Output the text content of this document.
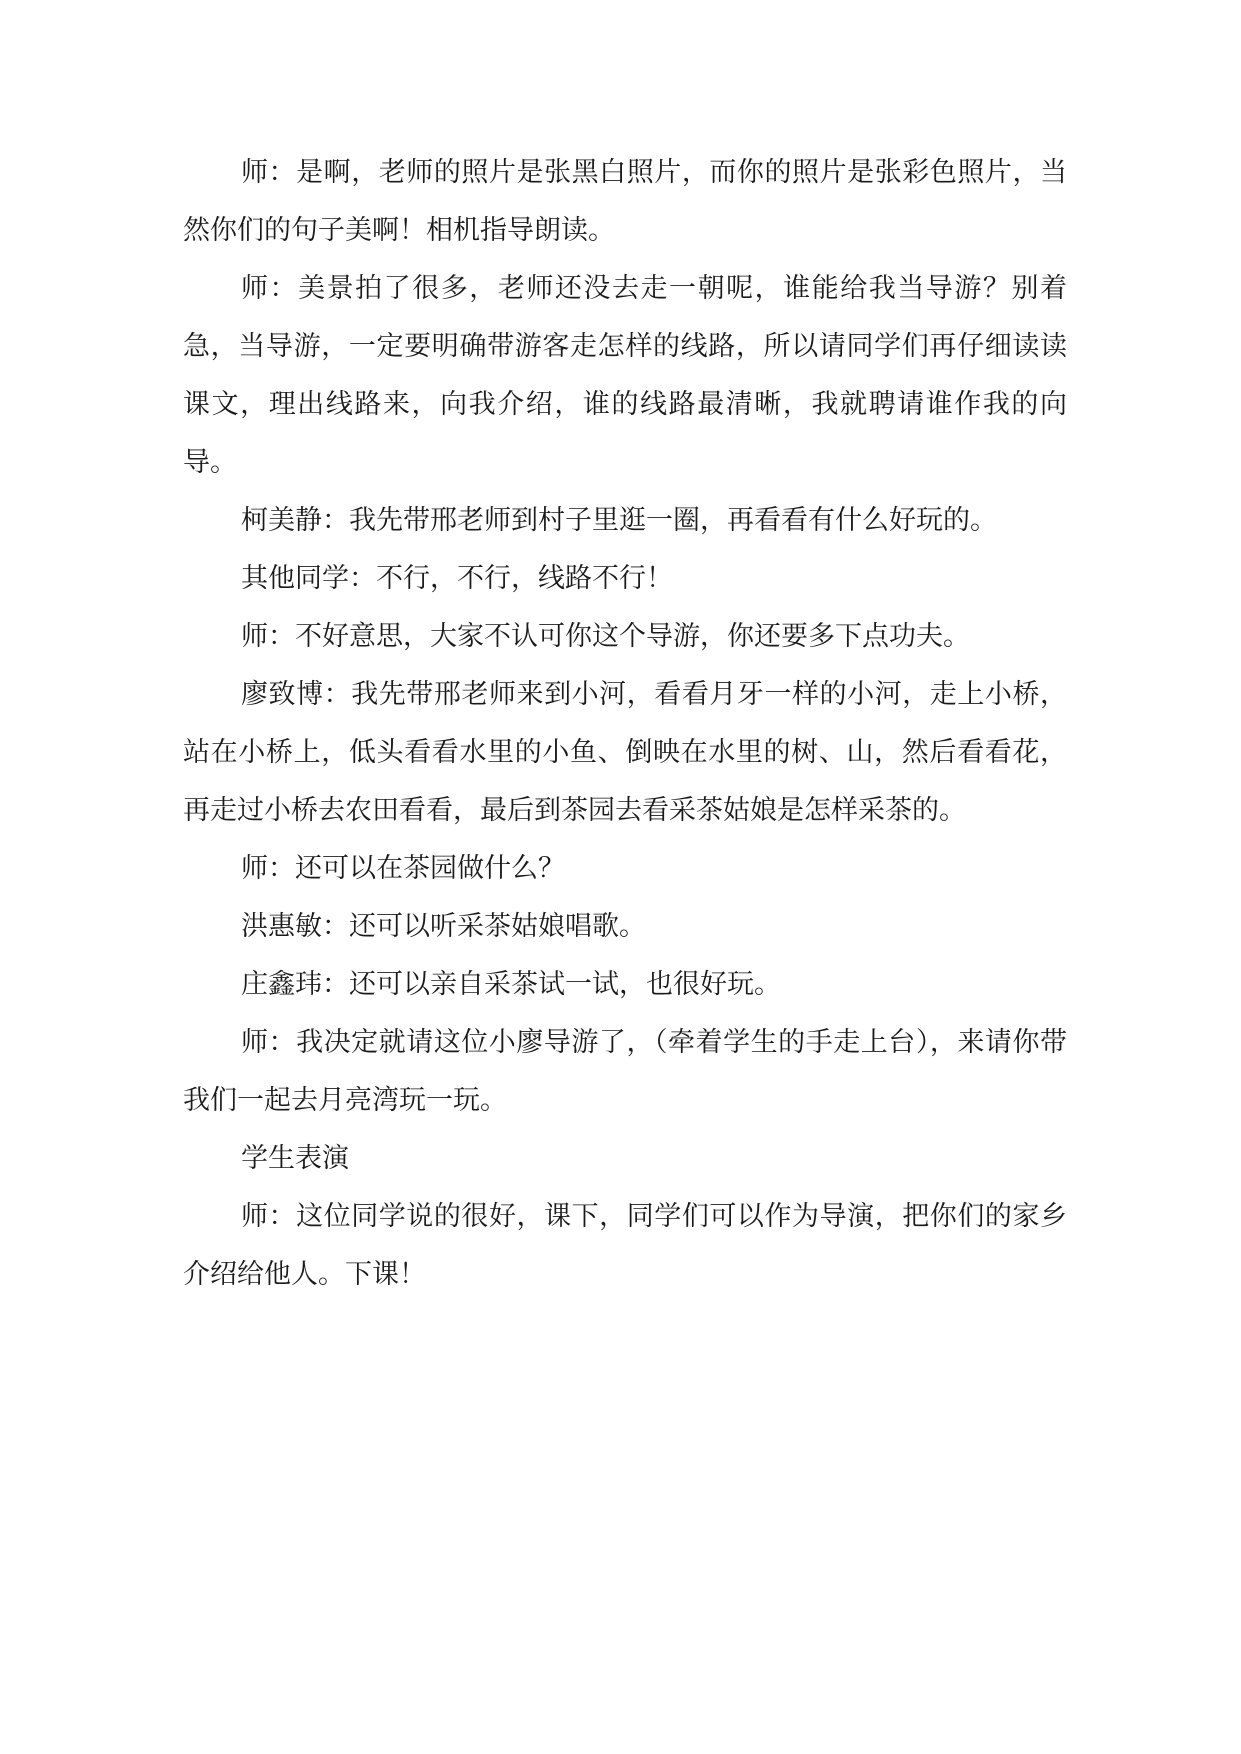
师：是啊，老师的照片是张黑白照片，而你的照片是张彩色照片，当然你们的句子美啊！相机指导朗读。

师：美景拍了很多，老师还没去走一朝呢，谁能给我当导游？别着急，当导游，一定要明确带游客走怎样的线路，所以请同学们再仔细读读课文，理出线路来，向我介绍，谁的线路最清晰，我就聘请谁作我的向导。

柯美静：我先带邢老师到村子里逛一圈，再看看有什么好玩的。

其他同学：不行，不行，线路不行！

师：不好意思，大家不认可你这个导游，你还要多下点功夫。

廖致博：我先带邢老师来到小河，看看月牙一样的小河，走上小桥，站在小桥上，低头看看水里的小鱼、倒映在水里的树、山，然后看看花，再走过小桥去农田看看，最后到茶园去看采茶姑娘是怎样采茶的。

师：还可以在茶园做什么？

洪惠敏：还可以听采茶姑娘唱歌。

庄鑫玮：还可以亲自采茶试一试，也很好玩。

师：我决定就请这位小廖导游了，（牵着学生的手走上台），来请你带我们一起去月亮湾玩一玩。

学生表演

师：这位同学说的很好，课下，同学们可以作为导演，把你们的家乡介绍给他人。下课！
